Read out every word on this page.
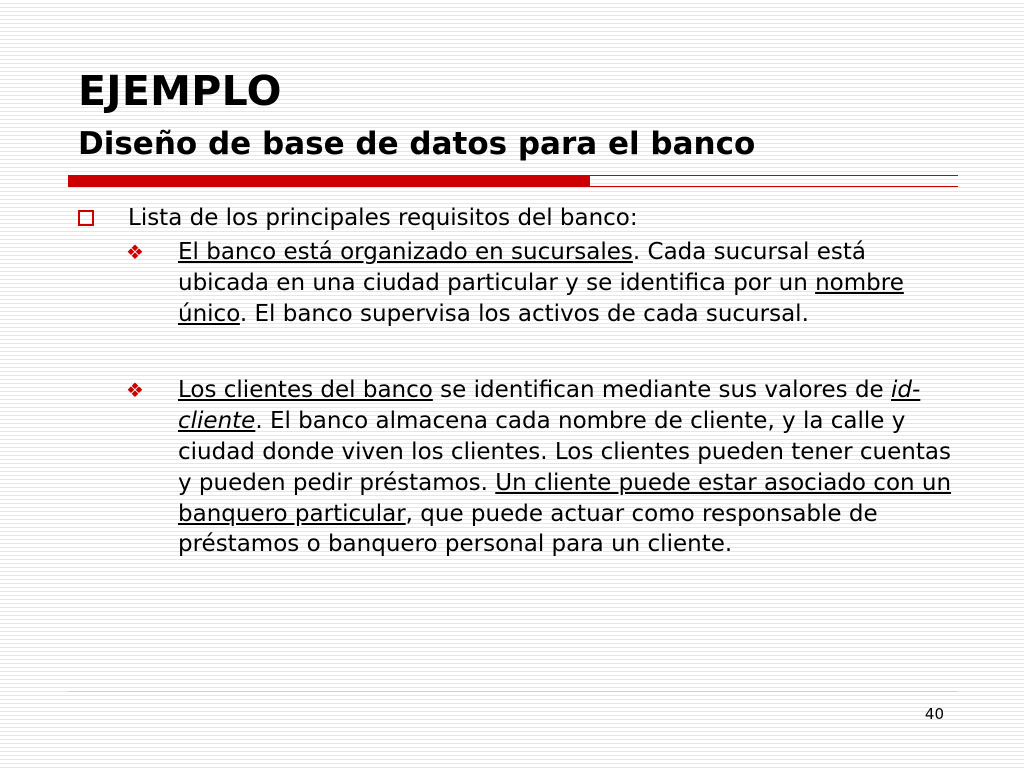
EJEMPLO
Diseño de base de datos para el banco
Lista de los principales requisitos del banco:
❖ El banco está organizado en sucursales. Cada sucursal está ubicada en una ciudad particular y se identifica por un nombre único. El banco supervisa los activos de cada sucursal.
❖ Los clientes del banco se identifican mediante sus valores de id-cliente. El banco almacena cada nombre de cliente, y la calle y ciudad donde viven los clientes. Los clientes pueden tener cuentas y pueden pedir préstamos. Un cliente puede estar asociado con un banquero particular, que puede actuar como responsable de préstamos o banquero personal para un cliente.
40
